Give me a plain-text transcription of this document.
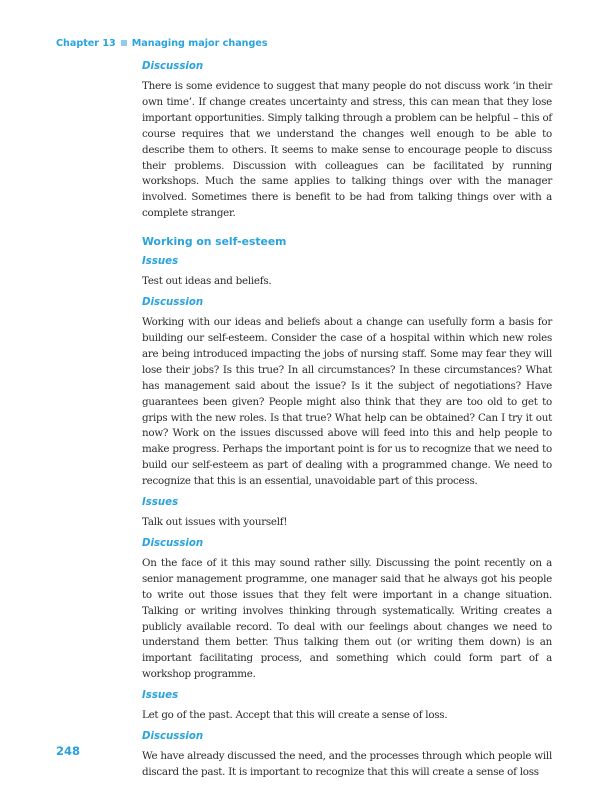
Chapter 13 Managing major changes

Discussion

There is some evidence to suggest that many people do not discuss work ‘in their own time’. If change creates uncertainty and stress, this can mean that they lose important opportunities. Simply talking through a problem can be helpful – this of course requires that we understand the changes well enough to be able to describe them to others. It seems to make sense to encourage people to discuss their problems. Discussion with colleagues can be facilitated by running workshops. Much the same applies to talking things over with the manager involved. Sometimes there is benefit to be had from talking things over with a complete stranger.

Working on self-esteem

Issues

Test out ideas and beliefs.

Discussion

Working with our ideas and beliefs about a change can usefully form a basis for building our self-esteem. Consider the case of a hospital within which new roles are being introduced impacting the jobs of nursing staff. Some may fear they will lose their jobs? Is this true? In all circumstances? In these circumstances? What has management said about the issue? Is it the subject of negotiations? Have guarantees been given? People might also think that they are too old to get to grips with the new roles. Is that true? What help can be obtained? Can I try it out now? Work on the issues discussed above will feed into this and help people to make progress. Perhaps the important point is for us to recognize that we need to build our self-esteem as part of dealing with a programmed change. We need to recognize that this is an essential, unavoidable part of this process.

Issues

Talk out issues with yourself!

Discussion

On the face of it this may sound rather silly. Discussing the point recently on a senior management programme, one manager said that he always got his people to write out those issues that they felt were important in a change situation. Talking or writing involves thinking through systematically. Writing creates a publicly available record. To deal with our feelings about changes we need to understand them better. Thus talking them out (or writing them down) is an important facilitating process, and something which could form part of a workshop programme.

Issues

Let go of the past. Accept that this will create a sense of loss.

Discussion

We have already discussed the need, and the processes through which people will discard the past. It is important to recognize that this will create a sense of loss

248
